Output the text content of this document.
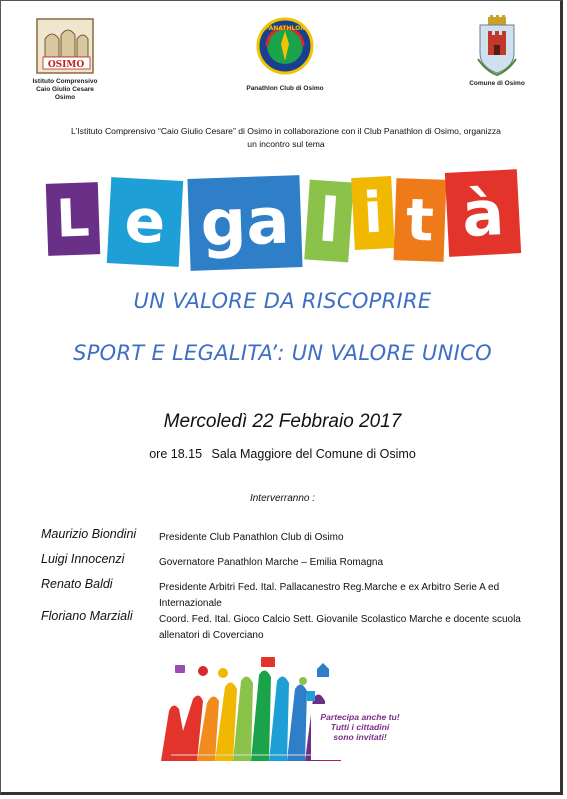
OSIMO
Istituto Comprensivo
Caio Giulio Cesare Osimo
PANATHLON
Panathlon Club di Osimo
Comune di Osimo
L’Istituto Comprensivo “Caio Giulio Cesare” di Osimo in collaborazione con il Club Panathlon di Osimo, organizza
un incontro sul tema
L e ga l i t à
UN VALORE DA RISCOPRIRE
SPORT E LEGALITA’: UN VALORE UNICO
Mercoledì 22 Febbraio 2017
ore 18.15 Sala Maggiore del Comune di Osimo
Interverranno :
Maurizio Biondini Presidente Club Panathlon Club di Osimo
Luigi Innocenzi	Governatore Panathlon Marche – Emilia Romagna
Renato Baldi	Presidente Arbitri Fed. Ital. Pallacanestro Reg.Marche e ex Arbitro Serie A ed Internazionale
Floriano Marziali	Coord. Fed. Ital. Gioco Calcio Sett. Giovanile Scolastico Marche e docente scuola allenatori di Coverciano
Partecipa anche tu!
Tutti i cittadini
sono invitati!
